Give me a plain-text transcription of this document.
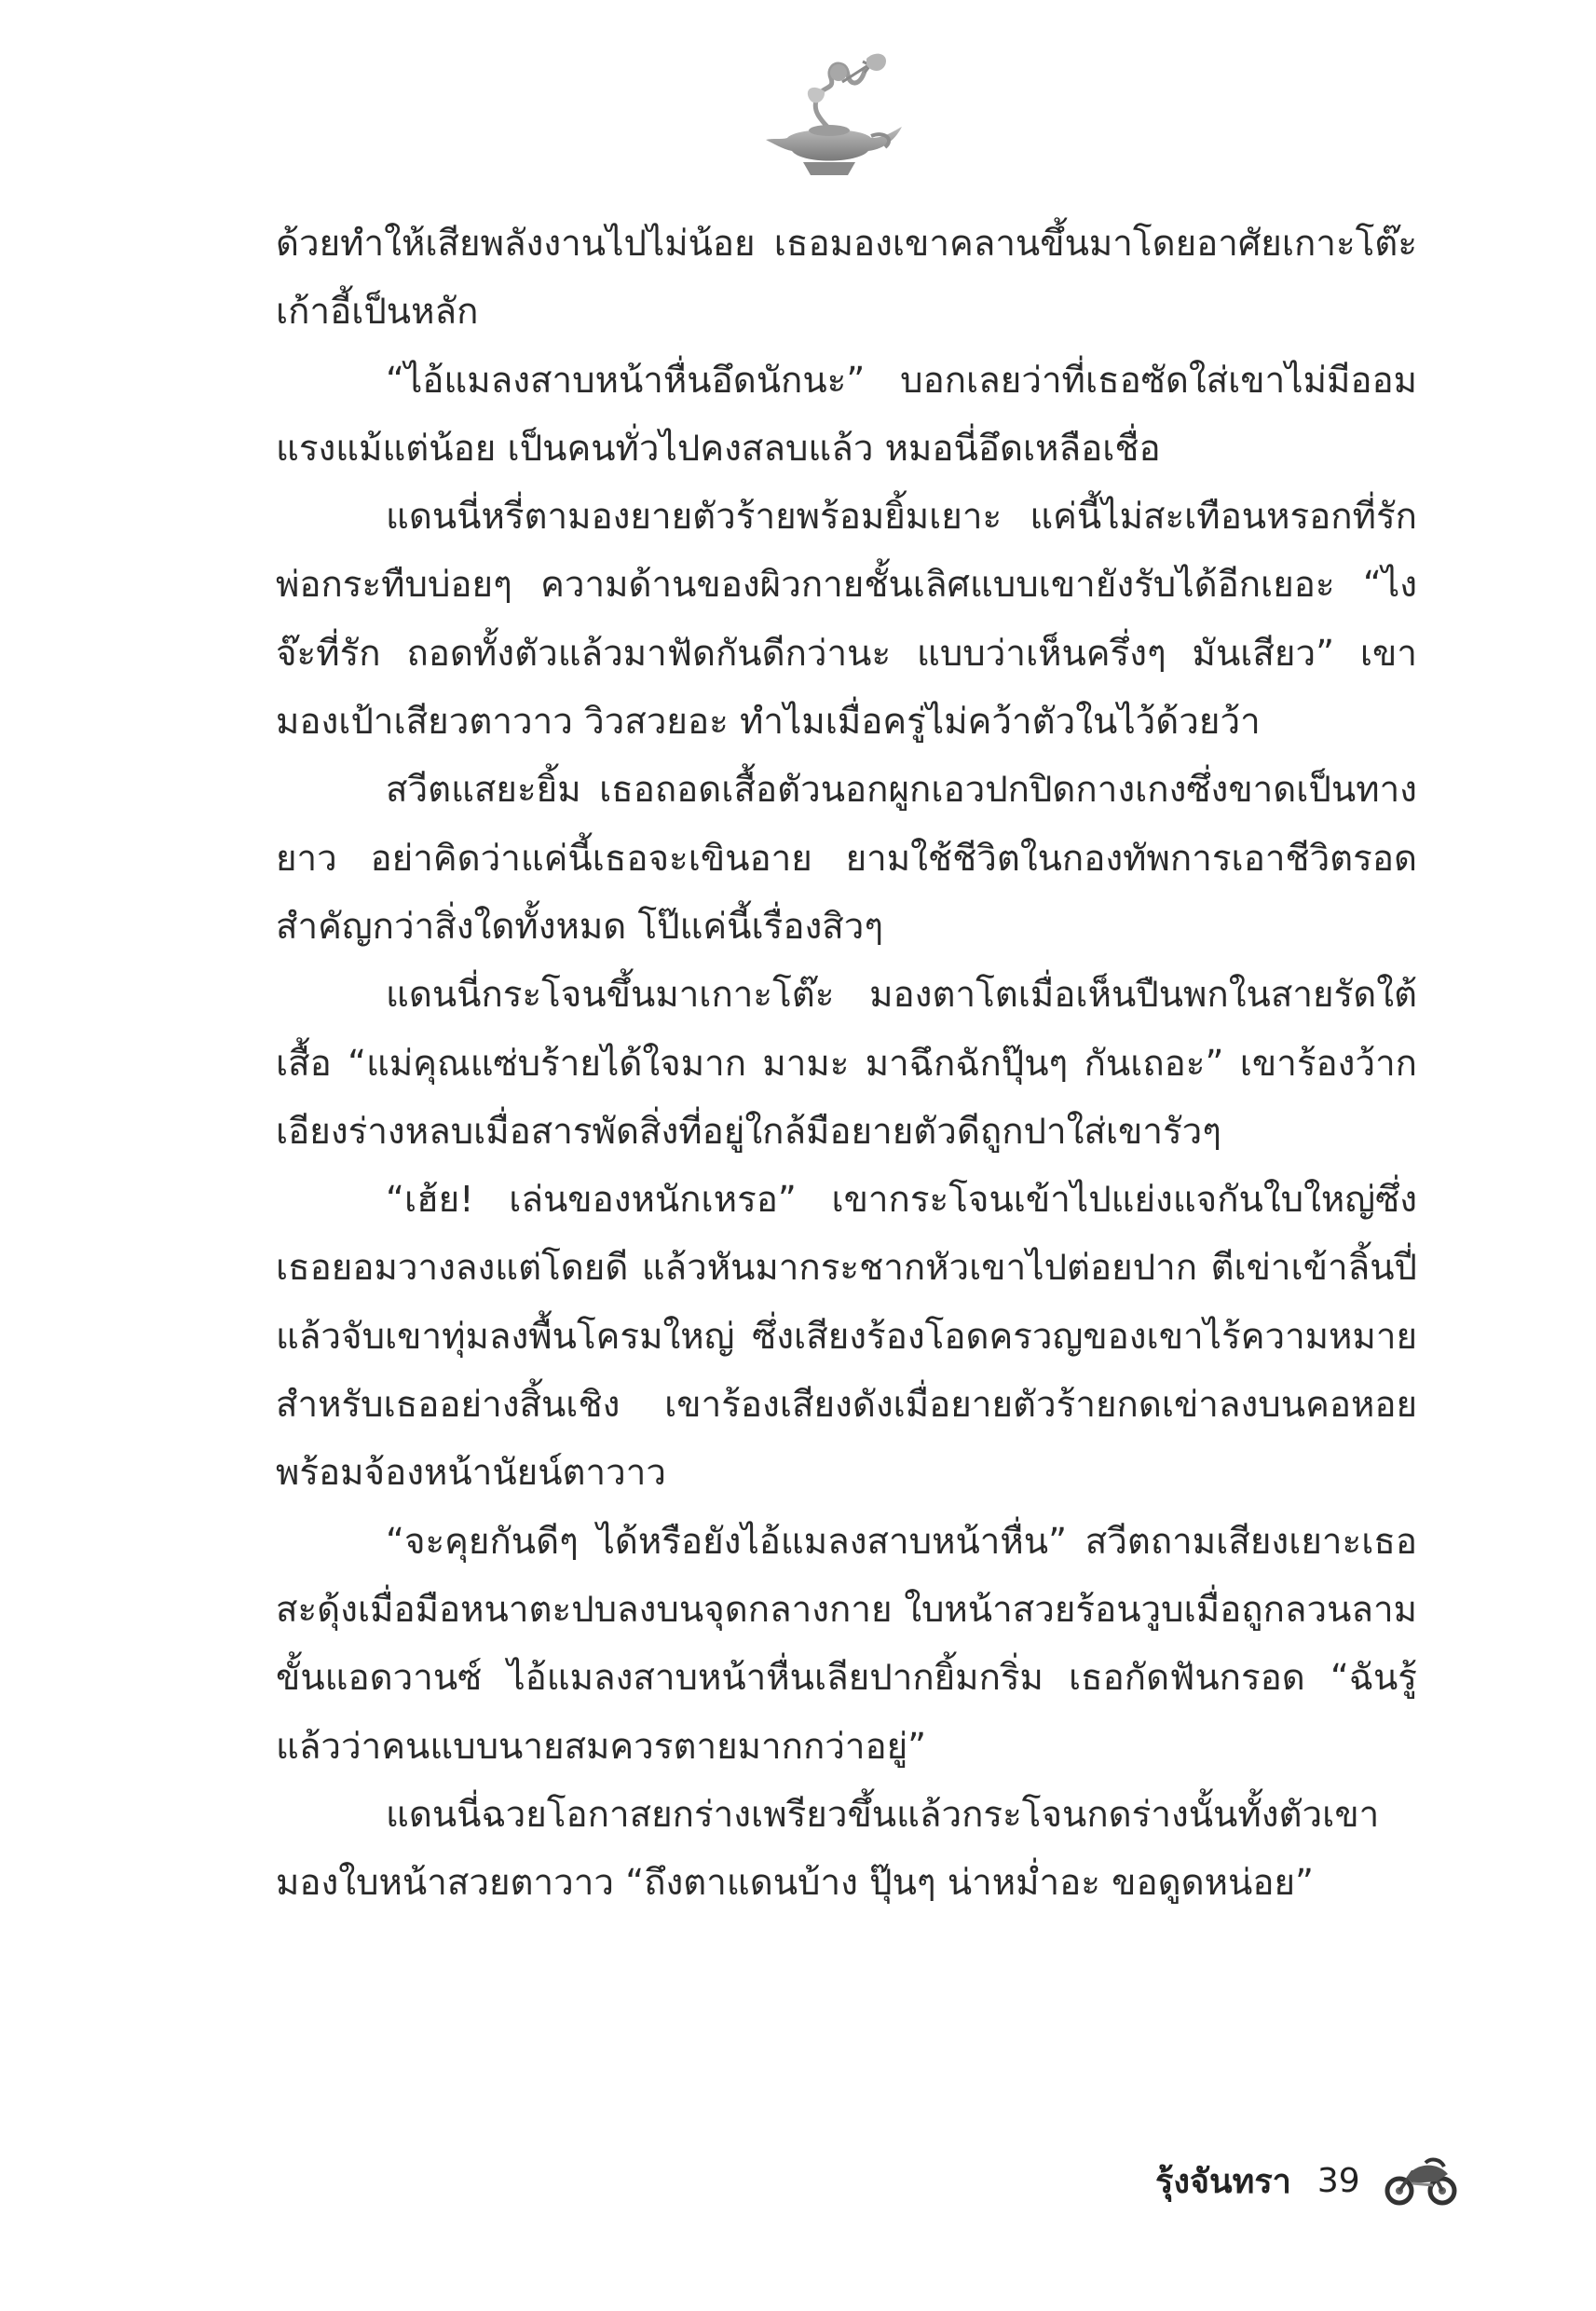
ด้วยทำให้เสียพลังงานไปไม่น้อย เธอมองเขาคลานขึ้นมาโดยอาศัยเกาะโต๊ะเก้าอี้เป็นหลัก

“ไอ้แมลงสาบหน้าหื่นอึดนักนะ” บอกเลยว่าที่เธอซัดใส่เขาไม่มีออมแรงแม้แต่น้อย เป็นคนทั่วไปคงสลบแล้ว หมอนี่อึดเหลือเชื่อ

แดนนี่หรี่ตามองยายตัวร้ายพร้อมยิ้มเยาะ แค่นี้ไม่สะเทือนหรอกที่รัก พ่อกระทืบบ่อยๆ ความด้านของผิวกายชั้นเลิศแบบเขายังรับได้อีกเยอะ “ไงจ๊ะที่รัก ถอดทั้งตัวแล้วมาฟัดกันดีกว่านะ แบบว่าเห็นครึ่งๆ มันเสียว” เขามองเป้าเสียวตาวาว วิวสวยอะ ทำไมเมื่อครู่ไม่คว้าตัวในไว้ด้วยว้า

สวีตแสยะยิ้ม เธอถอดเสื้อตัวนอกผูกเอวปกปิดกางเกงซึ่งขาดเป็นทางยาว อย่าคิดว่าแค่นี้เธอจะเขินอาย ยามใช้ชีวิตในกองทัพการเอาชีวิตรอดสำคัญกว่าสิ่งใดทั้งหมด โป๊แค่นี้เรื่องสิวๆ

แดนนี่กระโจนขึ้นมาเกาะโต๊ะ มองตาโตเมื่อเห็นปืนพกในสายรัดใต้เสื้อ “แม่คุณแซ่บร้ายได้ใจมาก มามะ มาฉึกฉักปุ๊นๆ กันเถอะ” เขาร้องว้ากเอียงร่างหลบเมื่อสารพัดสิ่งที่อยู่ใกล้มือยายตัวดีถูกปาใส่เขารัวๆ

“เฮ้ย! เล่นของหนักเหรอ” เขากระโจนเข้าไปแย่งแจกันใบใหญ่ซึ่งเธอยอมวางลงแต่โดยดี แล้วหันมากระชากหัวเขาไปต่อยปาก ตีเข่าเข้าลิ้นปี่ แล้วจับเขาทุ่มลงพื้นโครมใหญ่ ซึ่งเสียงร้องโอดครวญของเขาไร้ความหมายสำหรับเธออย่างสิ้นเชิง เขาร้องเสียงดังเมื่อยายตัวร้ายกดเข่าลงบนคอหอยพร้อมจ้องหน้านัยน์ตาวาว

“จะคุยกันดีๆ ได้หรือยังไอ้แมลงสาบหน้าหื่น” สวีตถามเสียงเยาะเธอสะดุ้งเมื่อมือหนาตะปบลงบนจุดกลางกาย ใบหน้าสวยร้อนวูบเมื่อถูกลวนลามขั้นแอดวานซ์ ไอ้แมลงสาบหน้าหื่นเลียปากยิ้มกริ่ม เธอกัดฟันกรอด “ฉันรู้แล้วว่าคนแบบนายสมควรตายมากกว่าอยู่”

แดนนี่ฉวยโอกาสยกร่างเพรียวขึ้นแล้วกระโจนกดร่างนั้นทั้งตัวเขามองใบหน้าสวยตาวาว “ถึงตาแดนบ้าง ปุ๊นๆ น่าหม่ำอะ ขอดูดหน่อย”

รุ้งจันทรา 39
